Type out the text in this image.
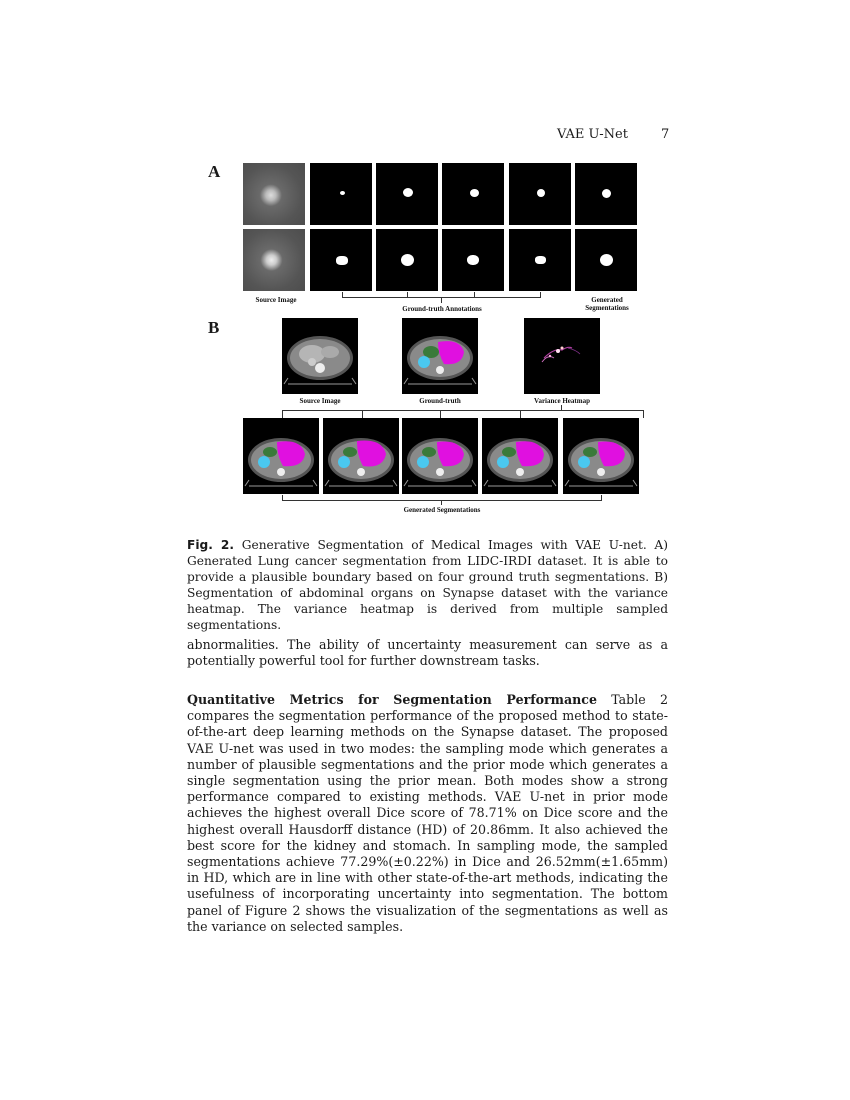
VAE U-Net	7
A
B
Source Image
Ground-truth Annotations
Generated
Segmentations
Source Image	Ground-truth	Variance Heatmap
Generated Segmentations
Fig. 2. Generative Segmentation of Medical Images with VAE U-net. A) Generated Lung cancer segmentation from LIDC-IRDI dataset. It is able to provide a plausible boundary based on four ground truth segmentations. B) Segmentation of abdominal organs on Synapse dataset with the variance heatmap. The variance heatmap is derived from multiple sampled segmentations.
abnormalities. The ability of uncertainty measurement can serve as a potentially powerful tool for further downstream tasks.
Quantitative Metrics for Segmentation Performance Table 2 compares the segmentation performance of the proposed method to state-of-the-art deep learning methods on the Synapse dataset. The proposed VAE U-net was used in two modes: the sampling mode which generates a number of plausible segmentations and the prior mode which generates a single segmentation using the prior mean. Both modes show a strong performance compared to existing methods. VAE U-net in prior mode achieves the highest overall Dice score of 78.71% on Dice score and the highest overall Hausdorff distance (HD) of 20.86mm. It also achieved the best score for the kidney and stomach. In sampling mode, the sampled segmentations achieve 77.29%(±0.22%) in Dice and 26.52mm(±1.65mm) in HD, which are in line with other state-of-the-art methods, indicating the usefulness of incorporating uncertainty into segmentation. The bottom panel of Figure 2 shows the visualization of the segmentations as well as the variance on selected samples.
